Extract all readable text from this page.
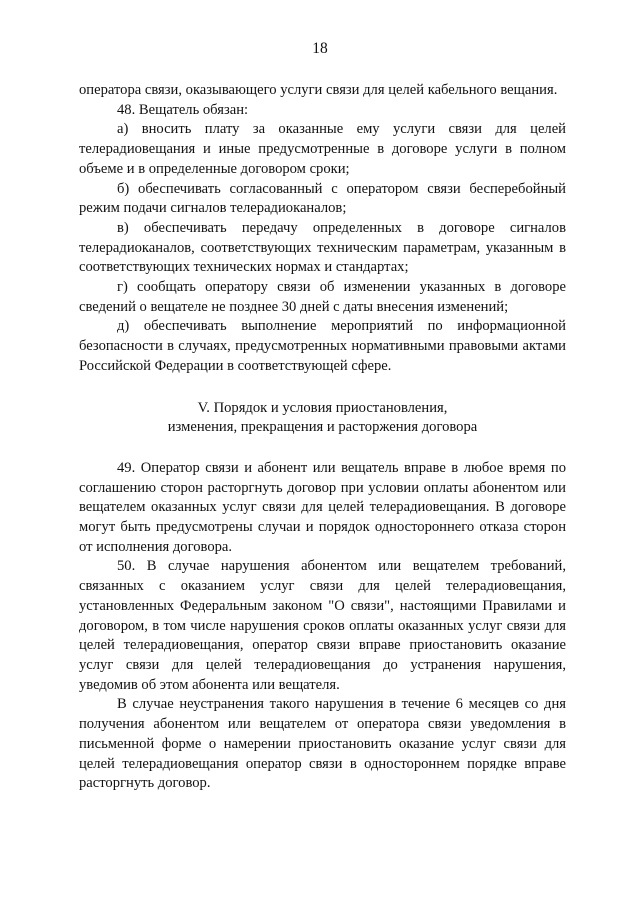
18

оператора связи, оказывающего услуги связи для целей кабельного вещания.

48. Вещатель обязан:

а) вносить плату за оказанные ему услуги связи для целей телерадиовещания и иные предусмотренные в договоре услуги в полном объеме и в определенные договором сроки;

б) обеспечивать согласованный с оператором связи бесперебойный режим подачи сигналов телерадиоканалов;

в) обеспечивать передачу определенных в договоре сигналов телерадиоканалов, соответствующих техническим параметрам, указанным в соответствующих технических нормах и стандартах;

г) сообщать оператору связи об изменении указанных в договоре сведений о вещателе не позднее 30 дней с даты внесения изменений;

д) обеспечивать выполнение мероприятий по информационной безопасности в случаях, предусмотренных нормативными правовыми актами Российской Федерации в соответствующей сфере.

V. Порядок и условия приостановления,
изменения, прекращения и расторжения договора

49. Оператор связи и абонент или вещатель вправе в любое время по соглашению сторон расторгнуть договор при условии оплаты абонентом или вещателем оказанных услуг связи для целей телерадиовещания. В договоре могут быть предусмотрены случаи и порядок одностороннего отказа сторон от исполнения договора.

50. В случае нарушения абонентом или вещателем требований, связанных с оказанием услуг связи для целей телерадиовещания, установленных Федеральным законом "О связи", настоящими Правилами и договором, в том числе нарушения сроков оплаты оказанных услуг связи для целей телерадиовещания, оператор связи вправе приостановить оказание услуг связи для целей телерадиовещания до устранения нарушения, уведомив об этом абонента или вещателя.

В случае неустранения такого нарушения в течение 6 месяцев со дня получения абонентом или вещателем от оператора связи уведомления в письменной форме о намерении приостановить оказание услуг связи для целей телерадиовещания оператор связи в одностороннем порядке вправе расторгнуть договор.
